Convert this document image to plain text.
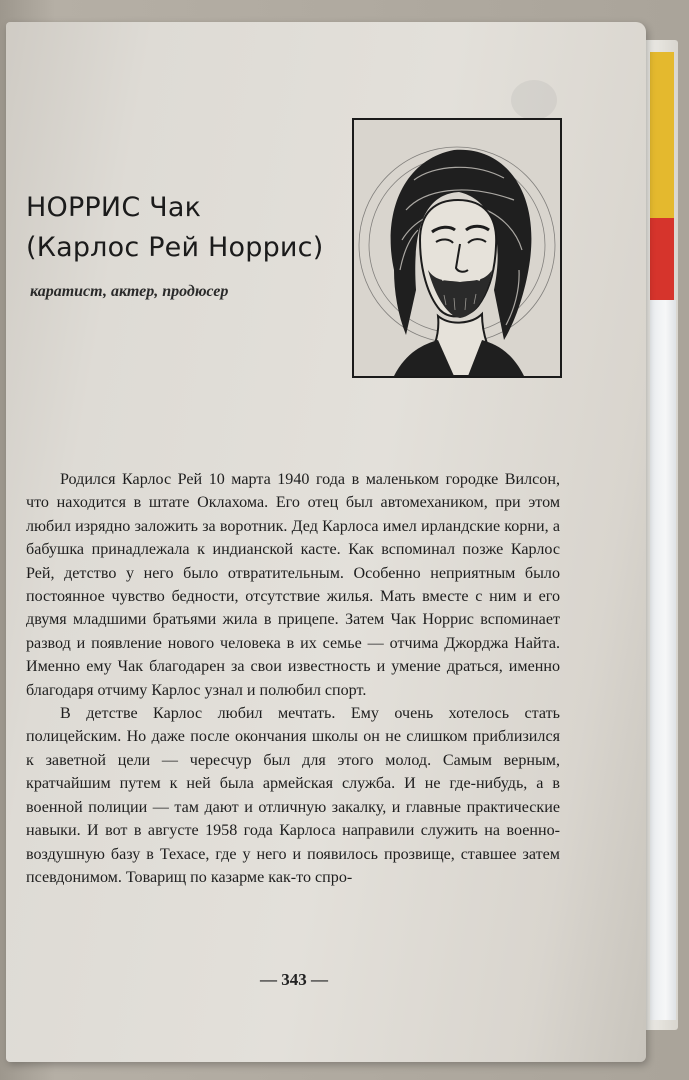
НОРРИС Чак
(Карлос Рей Норрис)
каратист, актер, продюсер

Родился Карлос Рей 10 марта 1940 года в маленьком городке Вилсон, что находится в штате Оклахома. Его отец был автомехаником, при этом любил изрядно заложить за воротник. Дед Карлоса имел ирландские корни, а бабушка принадлежала к индианской касте. Как вспоминал позже Карлос Рей, детство у него было отвратительным. Особенно неприятным было постоянное чувство бедности, отсутствие жилья. Мать вместе с ним и его двумя младшими братьями жила в прицепе. Затем Чак Норрис вспоминает развод и появление нового человека в их семье — отчима Джорджа Найта. Именно ему Чак благодарен за свои известность и умение драться, именно благодаря отчиму Карлос узнал и полюбил спорт.

В детстве Карлос любил мечтать. Ему очень хотелось стать полицейским. Но даже после окончания школы он не слишком приблизился к заветной цели — чересчур был для этого молод. Самым верным, кратчайшим путем к ней была армейская служба. И не где-нибудь, а в военной полиции — там дают и отличную закалку, и главные практические навыки. И вот в августе 1958 года Карлоса направили служить на военно-воздушную базу в Техасе, где у него и появилось прозвище, ставшее затем псевдонимом. Товарищ по казарме как-то спро-

— 343 —
